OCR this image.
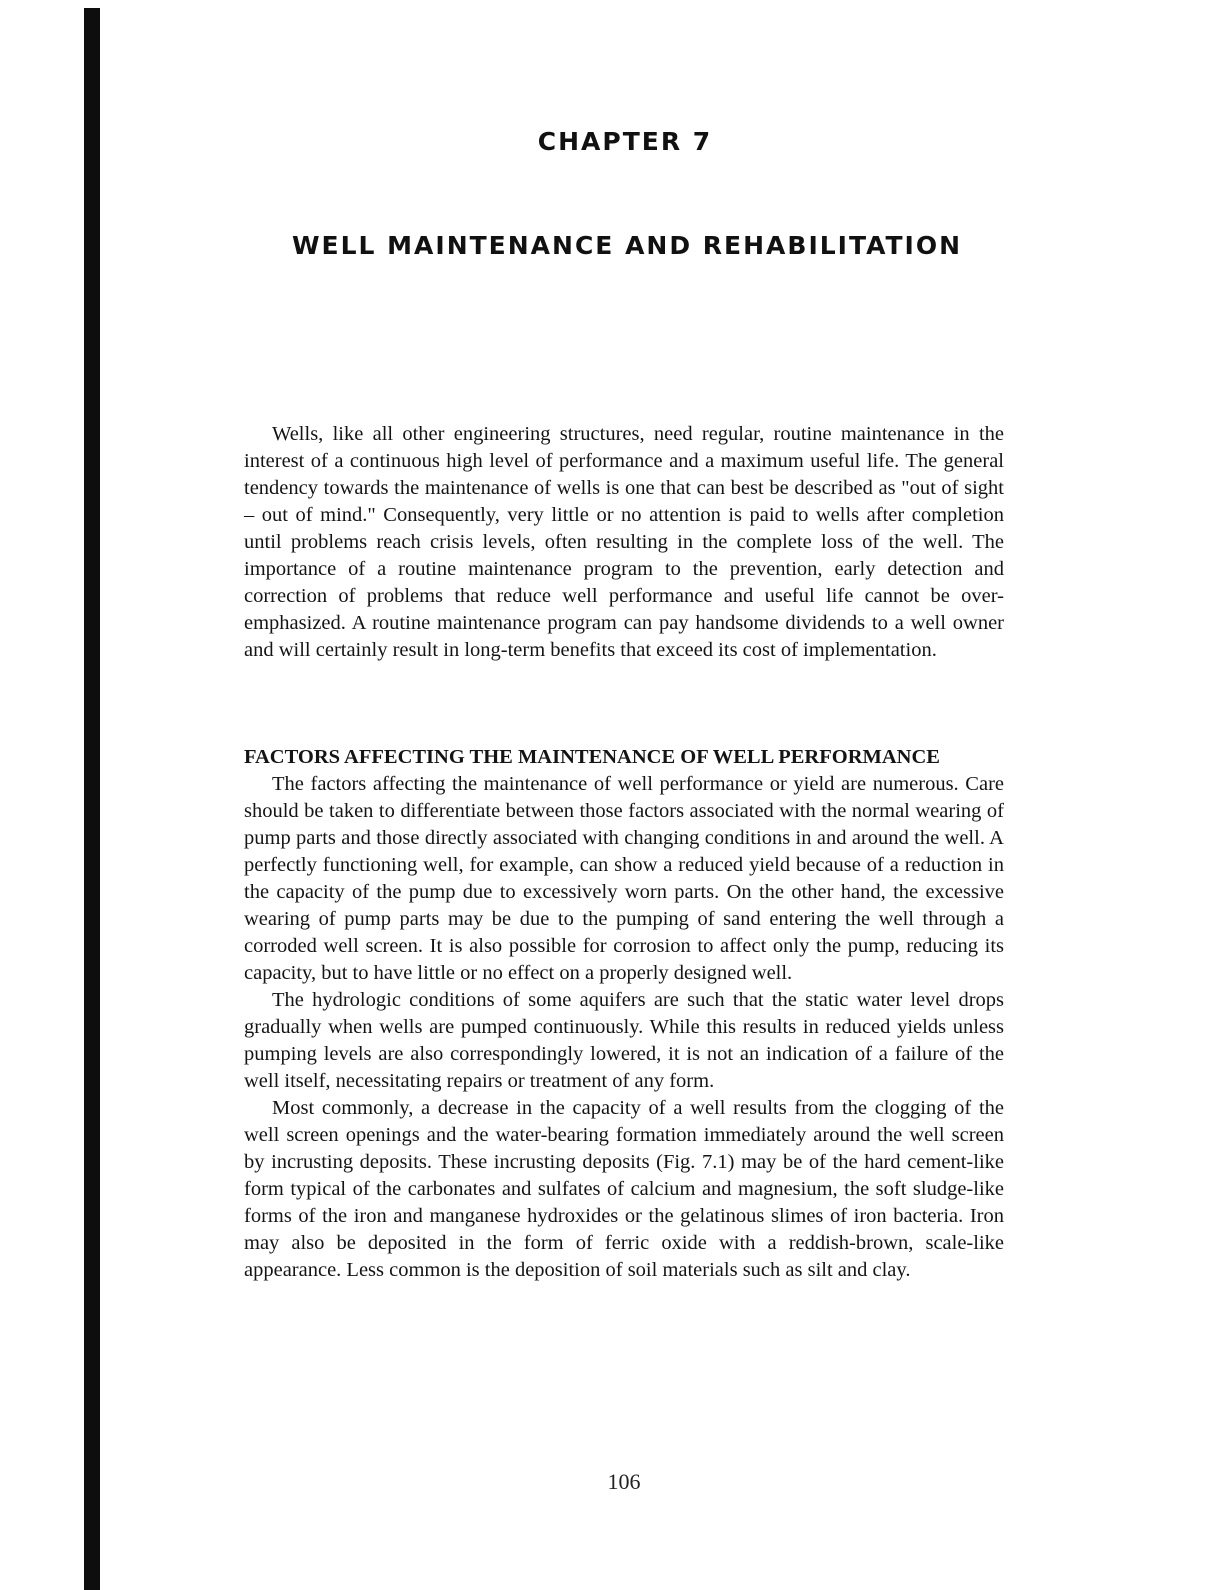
CHAPTER 7
WELL MAINTENANCE AND REHABILITATION
Wells, like all other engineering structures, need regular, routine maintenance in the interest of a continuous high level of performance and a maximum useful life. The general tendency towards the maintenance of wells is one that can best be described as "out of sight – out of mind." Consequently, very little or no attention is paid to wells after completion until problems reach crisis levels, often resulting in the complete loss of the well. The importance of a routine maintenance program to the prevention, early detection and correction of problems that reduce well performance and useful life cannot be over-emphasized. A routine maintenance program can pay handsome dividends to a well owner and will certainly result in long-term benefits that exceed its cost of implementation.
FACTORS AFFECTING THE MAINTENANCE OF WELL PERFORMANCE

The factors affecting the maintenance of well performance or yield are numerous. Care should be taken to differentiate between those factors associated with the normal wearing of pump parts and those directly associated with changing conditions in and around the well. A perfectly functioning well, for example, can show a reduced yield because of a reduction in the capacity of the pump due to excessively worn parts. On the other hand, the excessive wearing of pump parts may be due to the pumping of sand entering the well through a corroded well screen. It is also possible for corrosion to affect only the pump, reducing its capacity, but to have little or no effect on a properly designed well.

The hydrologic conditions of some aquifers are such that the static water level drops gradually when wells are pumped continuously. While this results in reduced yields unless pumping levels are also correspondingly lowered, it is not an indication of a failure of the well itself, necessitating repairs or treatment of any form.

Most commonly, a decrease in the capacity of a well results from the clogging of the well screen openings and the water-bearing formation immediately around the well screen by incrusting deposits. These incrusting deposits (Fig. 7.1) may be of the hard cement-like form typical of the carbonates and sulfates of calcium and magnesium, the soft sludge-like forms of the iron and manganese hydroxides or the gelatinous slimes of iron bacteria. Iron may also be deposited in the form of ferric oxide with a reddish-brown, scale-like appearance. Less common is the deposition of soil materials such as silt and clay.

106
